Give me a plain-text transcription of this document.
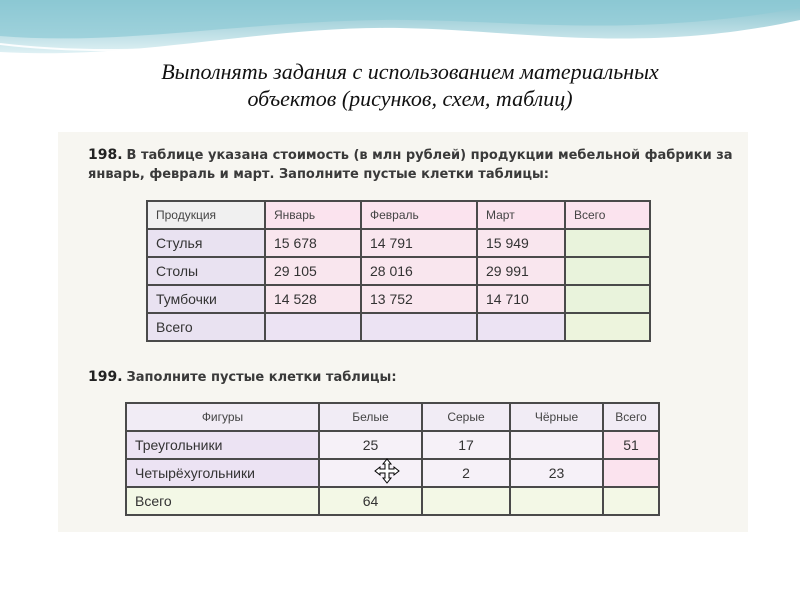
Выполнять задания с использованием материальных
объектов (рисунков, схем, таблиц)
198. В таблице указана стоимость (в млн рублей) продукции мебельной фабрики за январь, февраль и март. Заполните пустые клетки таблицы:
Продукция	Январь	Февраль	Март	Всего
Стулья	15 678	14 791	15 949	
Столы	29 105	28 016	29 991	
Тумбочки	14 528	13 752	14 710	
Всего				
199. Заполните пустые клетки таблицы:
Фигуры	Белые	Серые	Чёрные	Всего
Треугольники	25	17		51
Четырёхугольники		2	23	
Всего	64			
